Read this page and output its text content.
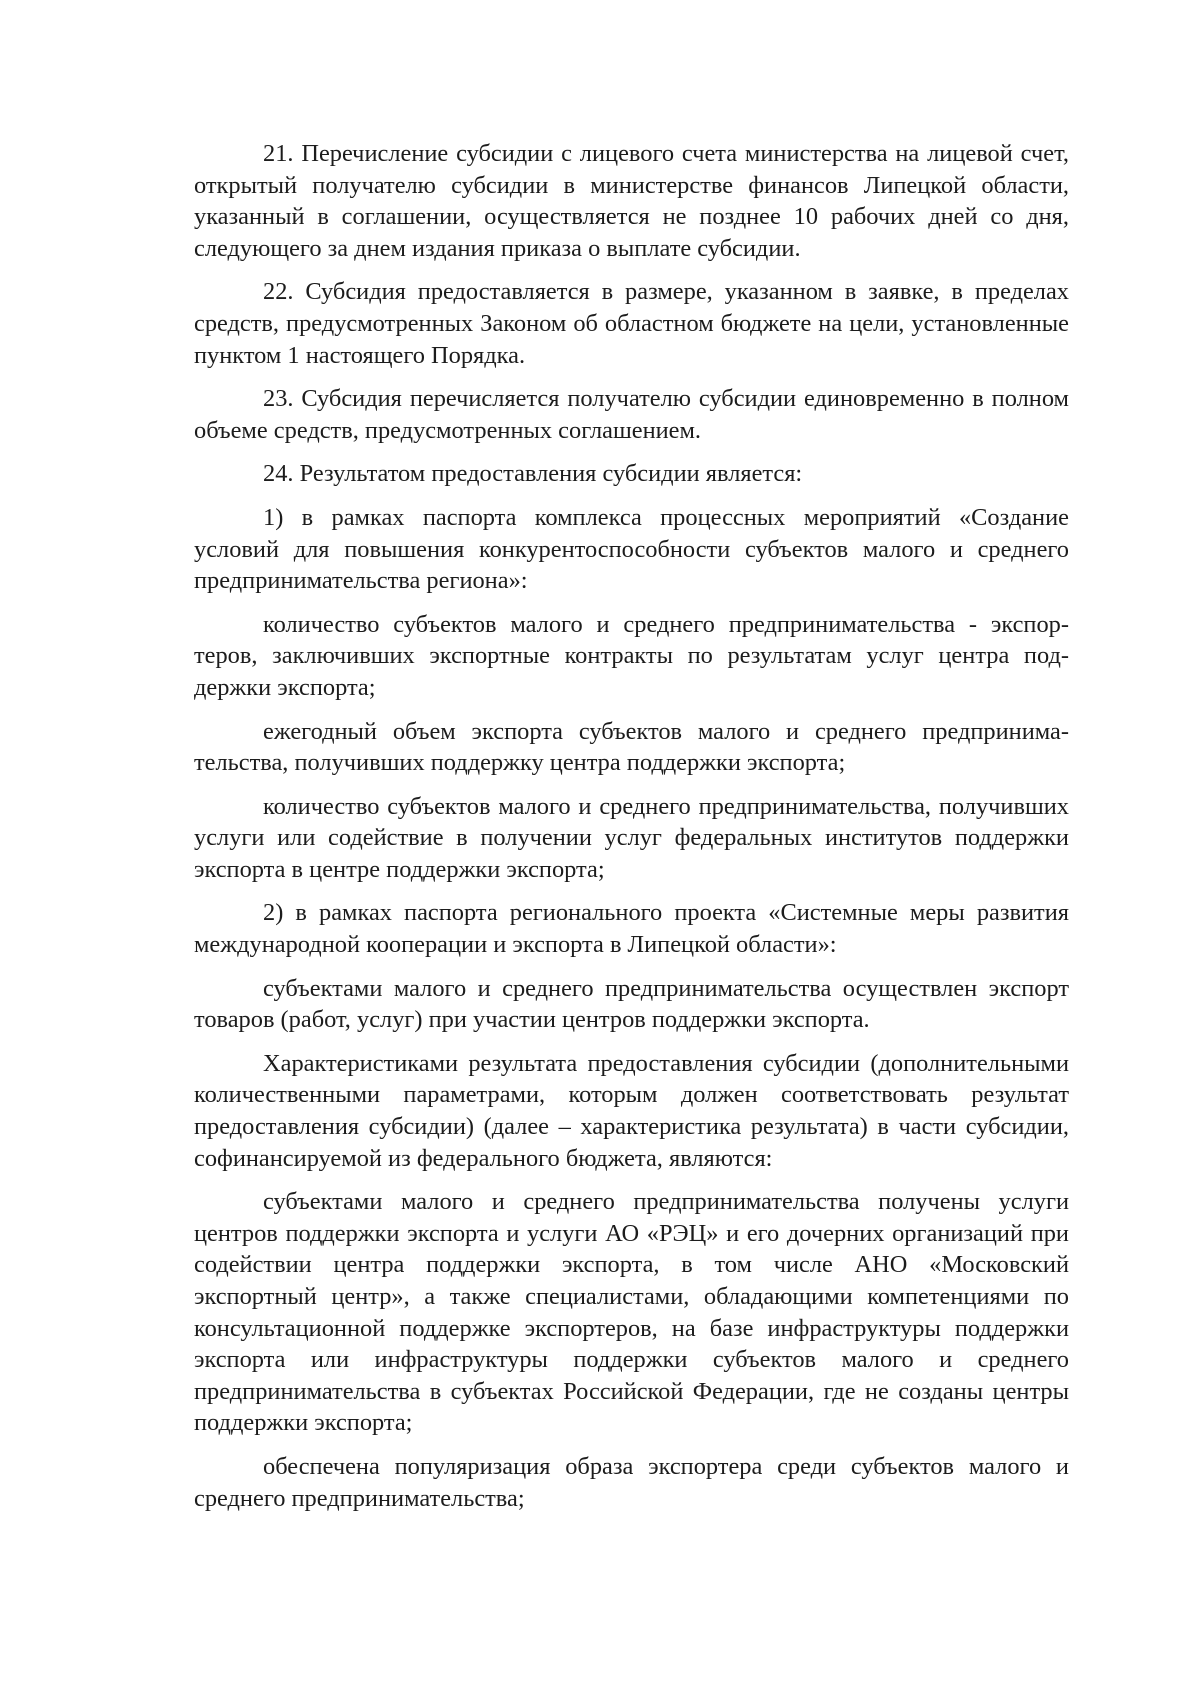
21. Перечисление субсидии с лицевого счета министерства на лицевой счет, открытый получателю субсидии в министерстве финансов Липецкой области, указанный в соглашении, осуществляется не позднее 10 рабочих дней со дня, следующего за днем издания приказа о выплате субсидии.

22. Субсидия предоставляется в размере, указанном в заявке, в пределах средств, предусмотренных Законом об областном бюджете на цели, установленные пунктом 1 настоящего Порядка.

23. Субсидия перечисляется получателю субсидии единовременно в полном объеме средств, предусмотренных соглашением.

24. Результатом предоставления субсидии является:

1) в рамках паспорта комплекса процессных мероприятий «Создание условий для повышения конкурентоспособности субъектов малого и среднего предпринимательства региона»:

количество субъектов малого и среднего предпринимательства - экспортеров, заключивших экспортные контракты по результатам услуг центра поддержки экспорта;

ежегодный объем экспорта субъектов малого и среднего предпринимательства, получивших поддержку центра поддержки экспорта;

количество субъектов малого и среднего предпринимательства, получивших услуги или содействие в получении услуг федеральных институтов поддержки экспорта в центре поддержки экспорта;

2) в рамках паспорта регионального проекта «Системные меры развития международной кооперации и экспорта в Липецкой области»:

субъектами малого и среднего предпринимательства осуществлен экспорт товаров (работ, услуг) при участии центров поддержки экспорта.

Характеристиками результата предоставления субсидии (дополнительными количественными параметрами, которым должен соответствовать результат предоставления субсидии) (далее – характеристика результата) в части субсидии, софинансируемой из федерального бюджета, являются:

субъектами малого и среднего предпринимательства получены услуги центров поддержки экспорта и услуги АО «РЭЦ» и его дочерних организаций при содействии центра поддержки экспорта, в том числе АНО «Московский экспортный центр», а также специалистами, обладающими компетенциями по консультационной поддержке экспортеров, на базе инфраструктуры поддержки экспорта или инфраструктуры поддержки субъектов малого и среднего предпринимательства в субъектах Российской Федерации, где не созданы центры поддержки экспорта;

обеспечена популяризация образа экспортера среди субъектов малого и среднего предпринимательства;
